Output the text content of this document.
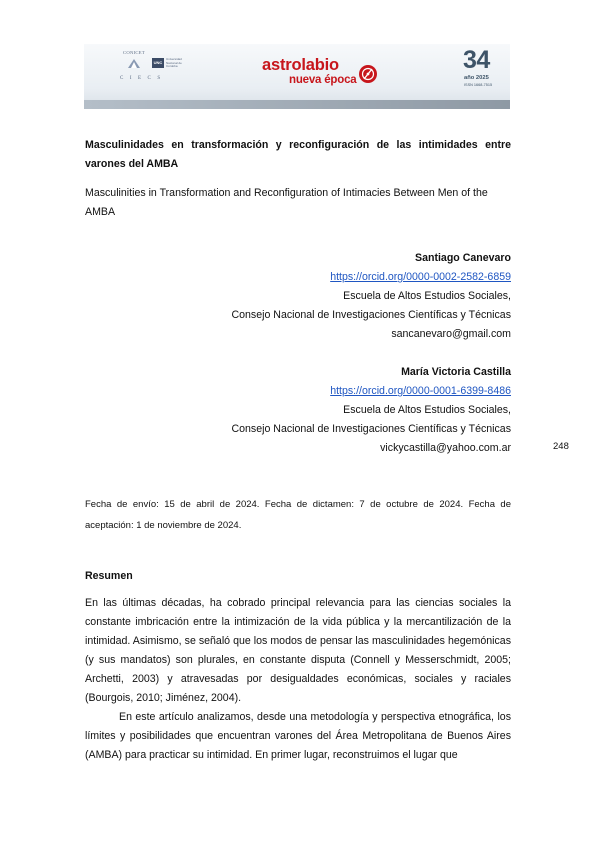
CONICET
UNC
Universidad Nacional de Córdoba
CIECS
astrolabio
nueva época
34
año 2025
ISSN 1668-7515
Masculinidades en transformación y reconfiguración de las intimidades entre varones del AMBA
Masculinities in Transformation and Reconfiguration of Intimacies Between Men of the AMBA
Santiago Canevaro
https://orcid.org/0000-0002-2582-6859
Escuela de Altos Estudios Sociales,
Consejo Nacional de Investigaciones Científicas y Técnicas
sancanevaro@gmail.com
María Victoria Castilla
https://orcid.org/0000-0001-6399-8486
Escuela de Altos Estudios Sociales,
Consejo Nacional de Investigaciones Científicas y Técnicas
vickycastilla@yahoo.com.ar	248
Fecha de envío: 15 de abril de 2024. Fecha de dictamen: 7 de octubre de 2024. Fecha de aceptación: 1 de noviembre de 2024.
Resumen

En las últimas décadas, ha cobrado principal relevancia para las ciencias sociales la constante imbricación entre la intimización de la vida pública y la mercantilización de la intimidad. Asimismo, se señaló que los modos de pensar las masculinidades hegemónicas (y sus mandatos) son plurales, en constante disputa (Connell y Messerschmidt, 2005; Archetti, 2003) y atravesadas por desigualdades económicas, sociales y raciales (Bourgois, 2010; Jiménez, 2004).

En este artículo analizamos, desde una metodología y perspectiva etnográfica, los límites y posibilidades que encuentran varones del Área Metropolitana de Buenos Aires (AMBA) para practicar su intimidad. En primer lugar, reconstruimos el lugar que
